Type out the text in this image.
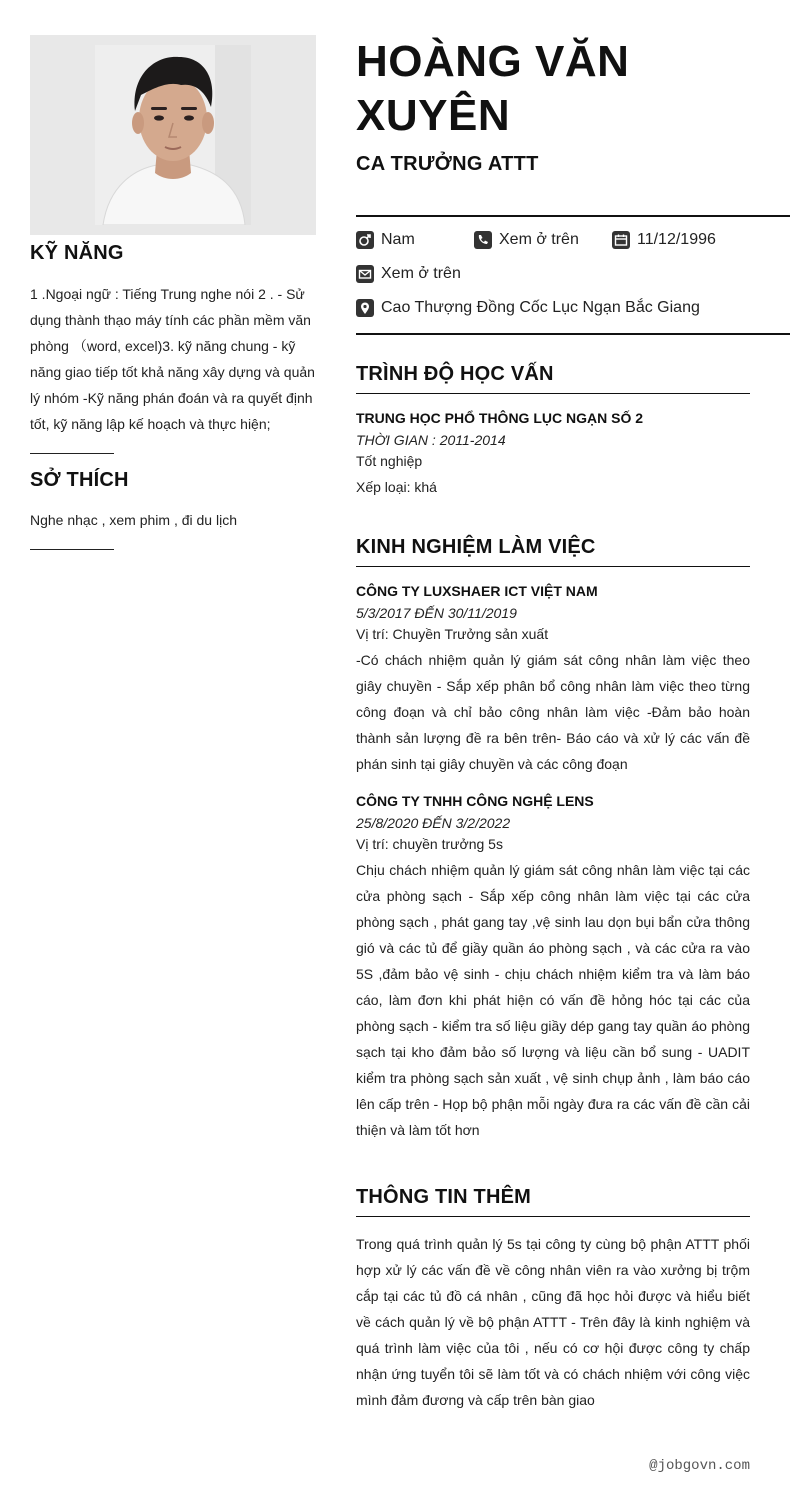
KỸ NĂNG
1 .Ngoại ngữ : Tiếng Trung nghe nói 2 . - Sử dụng thành thạo máy tính các phần mềm văn phòng （word, excel)3. kỹ năng chung - kỹ năng giao tiếp tốt khả năng xây dựng và quản lý nhóm -Kỹ năng phán đoán và ra quyết định tốt, kỹ năng lập kế hoạch và thực hiện;
SỞ THÍCH
Nghe nhạc , xem phim , đi du lịch
HOÀNG VĂN XUYÊN
CA TRƯỞNG ATTT
Nam	Xem ở trên	11/12/1996
Xem ở trên
Cao Thượng Đồng Cốc Lục Ngạn Bắc Giang
TRÌNH ĐỘ HỌC VẤN
TRUNG HỌC PHỔ THÔNG LỤC NGẠN SỐ 2
THỜI GIAN : 2011-2014
Tốt nghiệp
Xếp loại: khá
KINH NGHIỆM LÀM VIỆC
CÔNG TY LUXSHAER ICT VIỆT NAM
5/3/2017 ĐẾN 30/11/2019
Vị trí: Chuyền Trưởng sản xuất
-Có chách nhiệm quản lý giám sát công nhân làm việc theo giây chuyền - Sắp xếp phân bổ công nhân làm việc theo từng công đoạn và chỉ bảo công nhân làm việc -Đảm bảo hoàn thành sản lượng đề ra bên trên- Báo cáo và xử lý các vấn đề phán sinh tại giây chuyền và các công đoạn
CÔNG TY TNHH CÔNG NGHỆ LENS
25/8/2020 ĐẾN 3/2/2022
Vị trí: chuyền trưởng 5s
Chịu chách nhiệm quản lý giám sát công nhân làm việc tại các cửa phòng sạch - Sắp xếp công nhân làm việc tại các cửa phòng sạch , phát gang tay ,vệ sinh lau dọn bụi bẩn cửa thông gió và các tủ để giầy quần áo phòng sạch , và các cửa ra vào 5S ,đảm bảo vệ sinh - chịu chách nhiệm kiểm tra và làm báo cáo, làm đơn khi phát hiện có vấn đề hỏng hóc tại các của phòng sạch - kiểm tra số liệu giầy dép gang tay quần áo phòng sạch tại kho đảm bảo số lượng và liệu cần bổ sung - UADIT kiểm tra phòng sạch sản xuất , vệ sinh chụp ảnh , làm báo cáo lên cấp trên - Họp bộ phận mỗi ngày đưa ra các vấn đề cần cải thiện và làm tốt hơn
THÔNG TIN THÊM
Trong quá trình quản lý 5s tại công ty cùng bộ phận ATTT phối hợp xử lý các vấn đề về công nhân viên ra vào xưởng bị trộm cắp tại các tủ đồ cá nhân , cũng đã học hỏi được và hiểu biết về cách quản lý về bộ phận ATTT - Trên đây là kinh nghiệm và quá trình làm việc của tôi , nếu có cơ hội được công ty chấp nhận ứng tuyển tôi sẽ làm tốt và có chách nhiệm với công việc mình đảm đương và cấp trên bàn giao
@jobgovn.com
